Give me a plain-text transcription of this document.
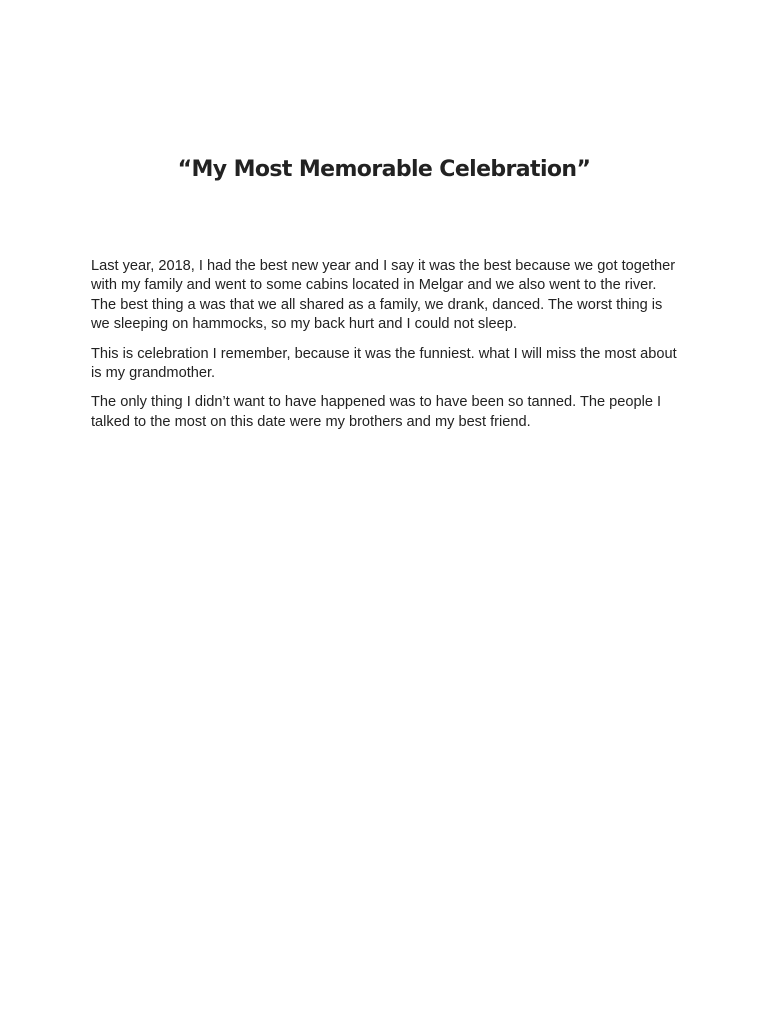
“My Most Memorable Celebration”

Last year, 2018, I had the best new year and I say it was the best because we got together with my family and went to some cabins located in Melgar and we also went to the river. The best thing a was that we all shared as a family, we drank, danced. The worst thing is we sleeping on hammocks, so my back hurt and I could not sleep.

This is celebration I remember, because it was the funniest. what I will miss the most about is my grandmother.

The only thing I didn’t want to have happened was to have been so tanned. The people I talked to the most on this date were my brothers and my best friend.
